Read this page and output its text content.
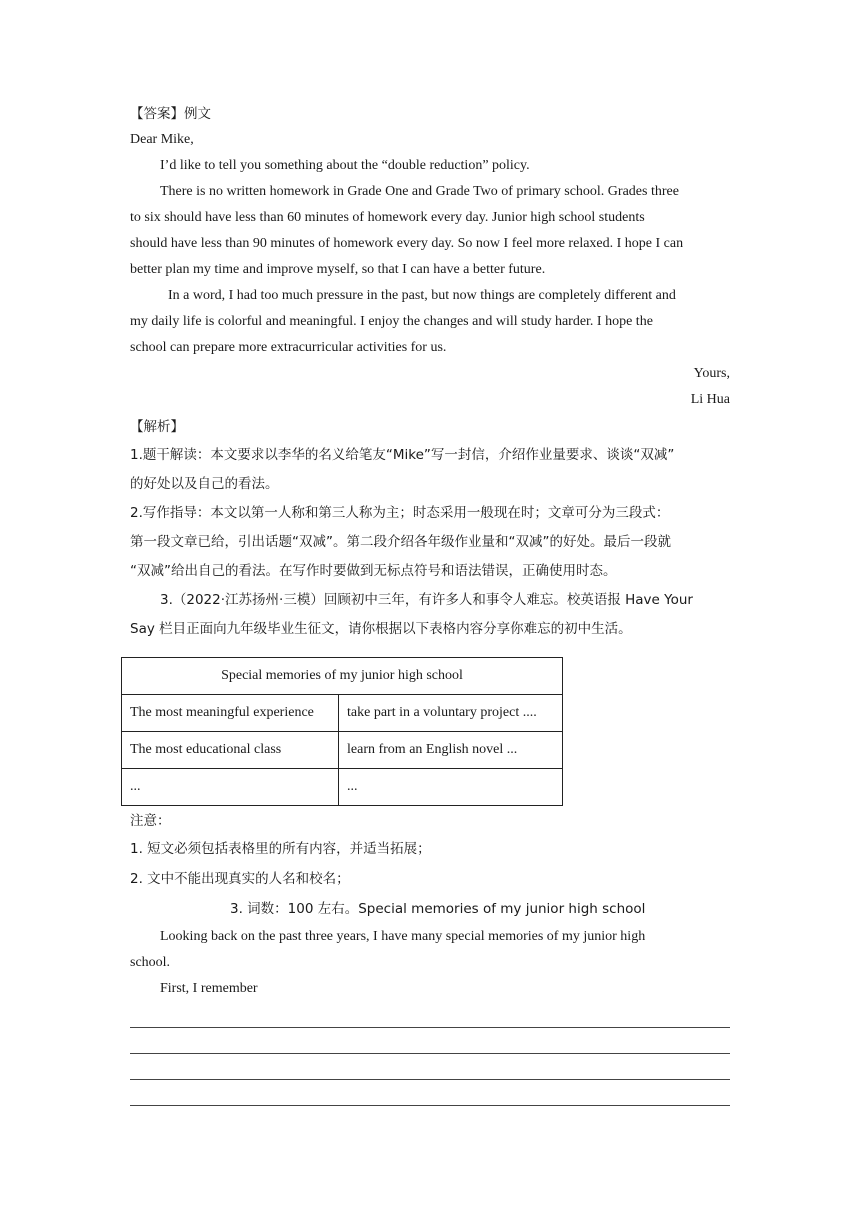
【答案】例文
Dear Mike,
I’d like to tell you something about the “double reduction” policy.
There is no written homework in Grade One and Grade Two of primary school. Grades three
to six should have less than 60 minutes of homework every day. Junior high school students
should have less than 90 minutes of homework every day. So now I feel more relaxed. I hope I can
better plan my time and improve myself, so that I can have a better future.
In a word, I had too much pressure in the past, but now things are completely different and
my daily life is colorful and meaningful. I enjoy the changes and will study harder. I hope the
school can prepare more extracurricular activities for us.
Yours,
Li Hua
【解析】
1.题干解读：本文要求以李华的名义给笔友“Mike”写一封信，介绍作业量要求、谈谈“双减”
的好处以及自己的看法。
2.写作指导：本文以第一人称和第三人称为主；时态采用一般现在时；文章可分为三段式：
第一段文章已给，引出话题“双减”。第二段介绍各年级作业量和“双减”的好处。最后一段就
“双减”给出自己的看法。在写作时要做到无标点符号和语法错误，正确使用时态。
3.（2022·江苏扬州·三模）回顾初中三年，有许多人和事令人难忘。校英语报 Have Your
Say 栏目正面向九年级毕业生征文，请你根据以下表格内容分享你难忘的初中生活。
Special memories of my junior high school	
The most meaningful experience	take part in a voluntary project ....
The most educational class	learn from an English novel ...
...	...
注意：
1. 短文必须包括表格里的所有内容，并适当拓展；
2. 文中不能出现真实的人名和校名；
3. 词数：100 左右。Special memories of my junior high school
Looking back on the past three years, I have many special memories of my junior high
school.
First, I remember
